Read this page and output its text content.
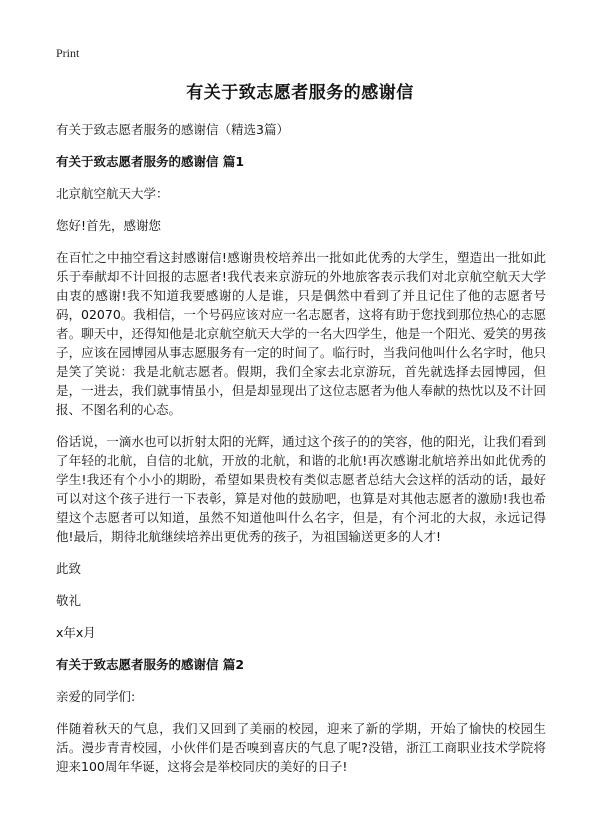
Print
有关于致志愿者服务的感谢信

有关于致志愿者服务的感谢信（精选3篇）

有关于致志愿者服务的感谢信 篇1

北京航空航天大学：

您好!首先，感谢您

在百忙之中抽空看这封感谢信!感谢贵校培养出一批如此优秀的大学生，塑造出一批如此乐于奉献却不计回报的志愿者!我代表来京游玩的外地旅客表示我们对北京航空航天大学由衷的感谢!我不知道我要感谢的人是谁，只是偶然中看到了并且记住了他的志愿者号码，02070。我相信，一个号码应该对应一名志愿者，这将有助于您找到那位热心的志愿者。聊天中，还得知他是北京航空航天大学的一名大四学生，他是一个阳光、爱笑的男孩子，应该在园博园从事志愿服务有一定的时间了。临行时，当我问他叫什么名字时，他只是笑了笑说：我是北航志愿者。假期，我们全家去北京游玩，首先就选择去园博园，但是，一进去，我们就事情虽小，但是却显现出了这位志愿者为他人奉献的热忱以及不计回报、不图名利的心态。

俗话说，一滴水也可以折射太阳的光辉，通过这个孩子的的笑容，他的阳光，让我们看到了年轻的北航，自信的北航，开放的北航，和谐的北航!再次感谢北航培养出如此优秀的学生!我还有个小小的期盼，希望如果贵校有类似志愿者总结大会这样的活动的话，最好可以对这个孩子进行一下表彰，算是对他的鼓励吧，也算是对其他志愿者的激励!我也希望这个志愿者可以知道，虽然不知道他叫什么名字，但是，有个河北的大叔，永远记得他!最后，期待北航继续培养出更优秀的孩子，为祖国输送更多的人才!

此致

敬礼

x年x月

有关于致志愿者服务的感谢信 篇2

亲爱的同学们:

伴随着秋天的气息，我们又回到了美丽的校园，迎来了新的学期，开始了愉快的校园生活。漫步青青校园，小伙伴们是否嗅到喜庆的气息了呢?没错，浙江工商职业技术学院将迎来100周年华诞，这将会是举校同庆的美好的日子!
